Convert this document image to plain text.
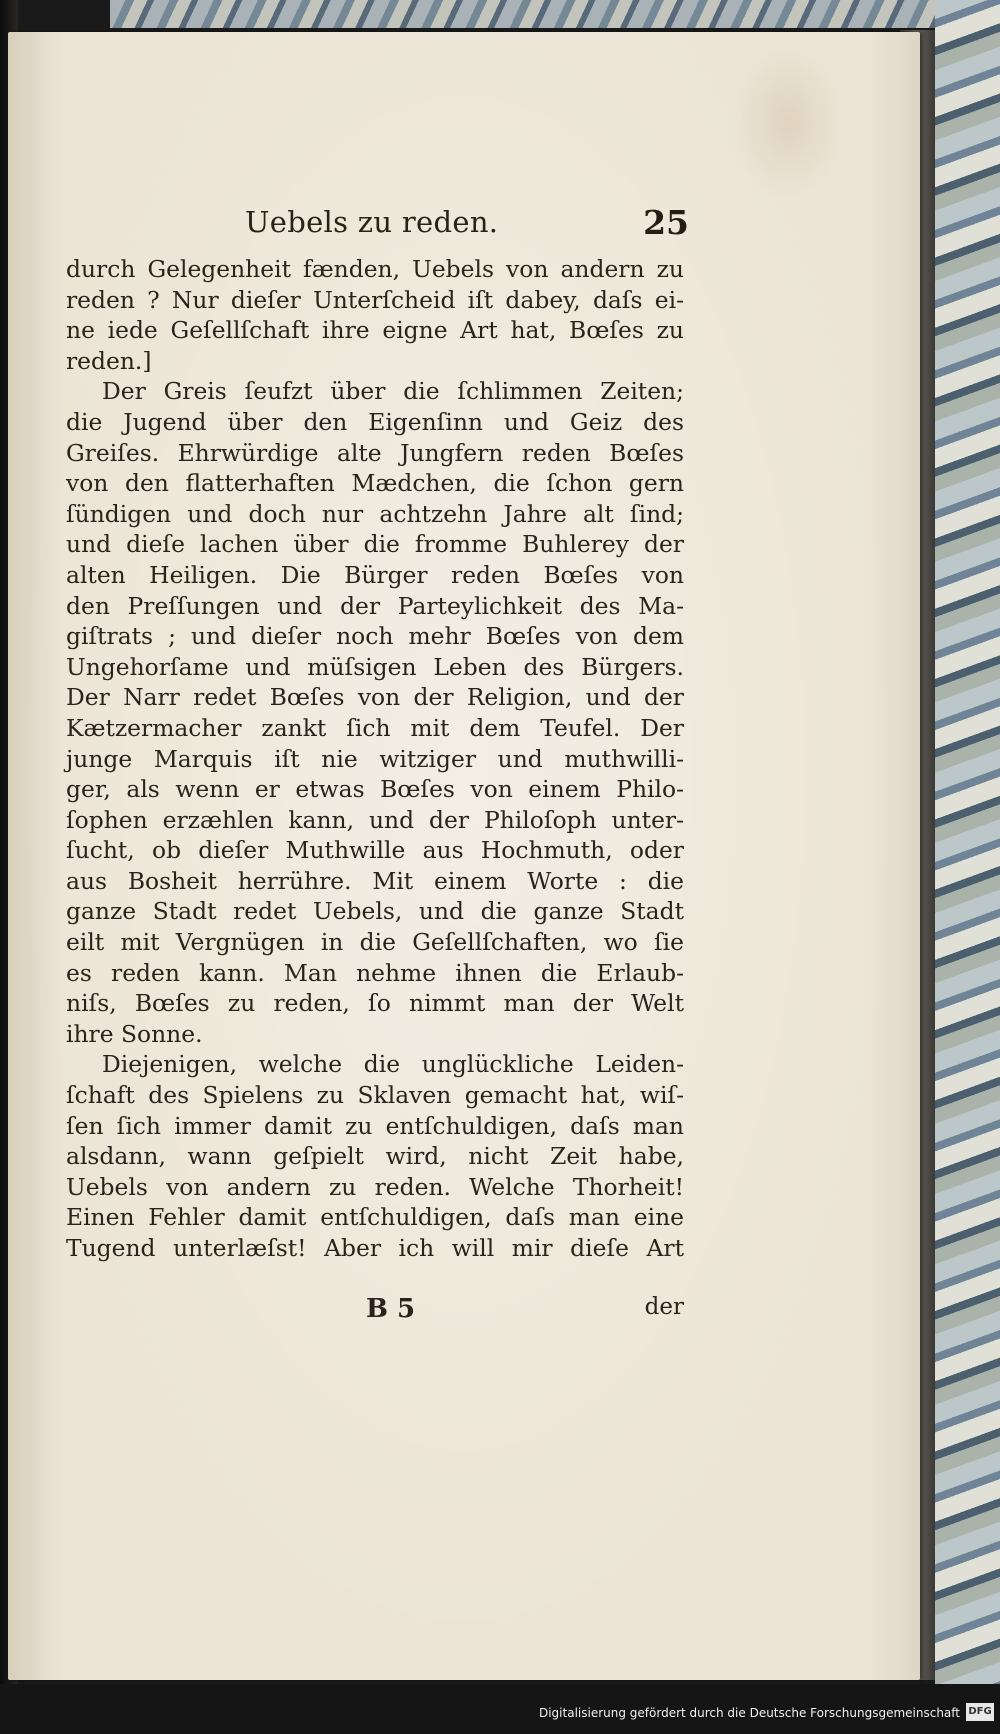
Uebels zu reden.	25
durch Gelegenheit fænden, Uebels von andern zu
reden ? Nur dieſer Unterſcheid iſt dabey, daſs ei-
ne iede Geſellſchaft ihre eigne Art hat, Bœſes zu
reden.]
Der Greis ſeufzt über die ſchlimmen Zeiten;
die Jugend über den Eigenſinn und Geiz des
Greiſes. Ehrwürdige alte Jungfern reden Bœſes
von den flatterhaften Mædchen, die ſchon gern
ſündigen und doch nur achtzehn Jahre alt ſind;
und dieſe lachen über die fromme Buhlerey der
alten Heiligen. Die Bürger reden Bœſes von
den Preſſungen und der Parteylichkeit des Ma-
giſtrats ; und dieſer noch mehr Bœſes von dem
Ungehorſame und müſsigen Leben des Bürgers.
Der Narr redet Bœſes von der Religion, und der
Kætzermacher zankt ſich mit dem Teufel. Der
junge Marquis iſt nie witziger und muthwilli-
ger, als wenn er etwas Bœſes von einem Philo-
ſophen erzæhlen kann, und der Philoſoph unter-
ſucht, ob dieſer Muthwille aus Hochmuth, oder
aus Bosheit herrühre. Mit einem Worte : die
ganze Stadt redet Uebels, und die ganze Stadt
eilt mit Vergnügen in die Geſellſchaften, wo ſie
es reden kann. Man nehme ihnen die Erlaub-
niſs, Bœſes zu reden, ſo nimmt man der Welt
ihre Sonne.
Diejenigen, welche die unglückliche Leiden-
ſchaft des Spielens zu Sklaven gemacht hat, wiſ-
ſen ſich immer damit zu entſchuldigen, daſs man
alsdann, wann geſpielt wird, nicht Zeit habe,
Uebels von andern zu reden. Welche Thorheit!
Einen Fehler damit entſchuldigen, daſs man eine
Tugend unterlæſst! Aber ich will mir dieſe Art
B 5	der
Digitalisierung gefördert durch die Deutsche Forschungsgemeinschaft DFG
